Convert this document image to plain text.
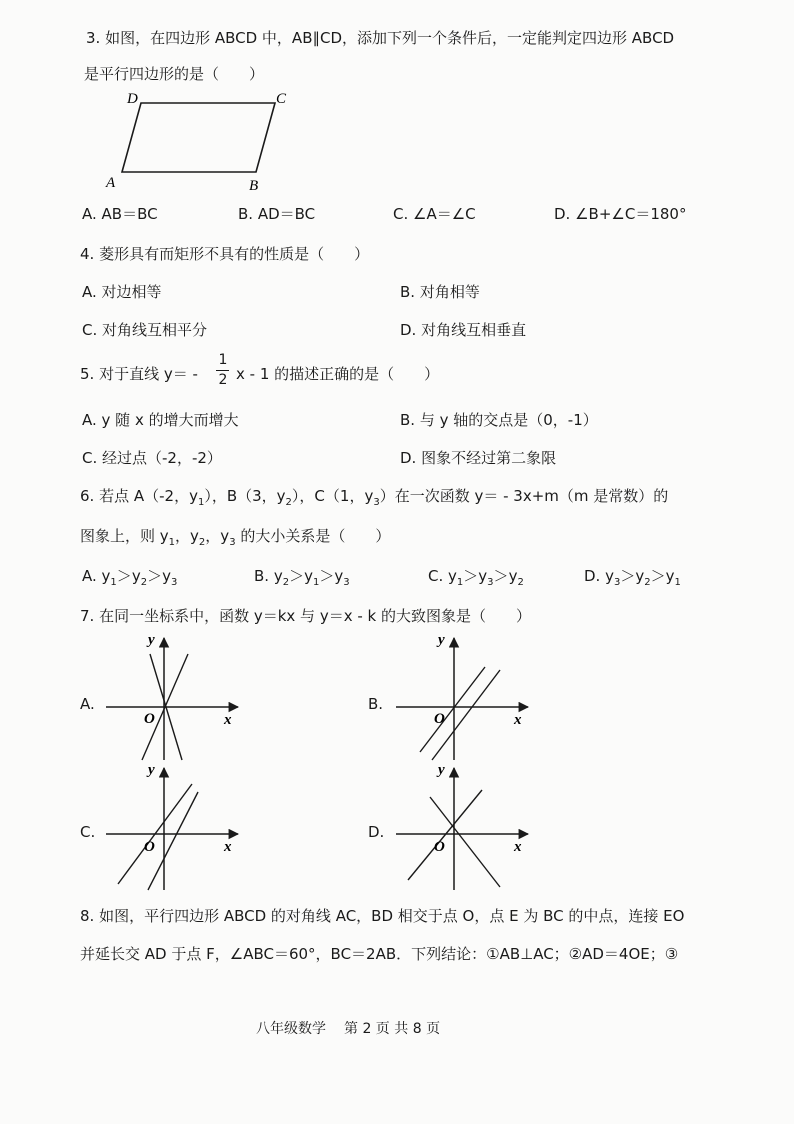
3. 如图，在四边形 ABCD 中，AB∥CD，添加下列一个条件后，一定能判定四边形 ABCD
是平行四边形的是（　　）
D	C
A	B
A. AB＝BC	B. AD＝BC	C. ∠A＝∠C	D. ∠B+∠C＝180°
4. 菱形具有而矩形不具有的性质是（　　）
A. 对边相等	B. 对角相等
C. 对角线互相平分	D. 对角线互相垂直
5. 对于直线 y＝ -
1
2 x - 1 的描述正确的是（　　）
A. y 随 x 的增大而增大	B. 与 y 轴的交点是（0，-1）
C. 经过点（-2，-2）	D. 图象不经过第二象限
6. 若点 A（-2，$y_1$），B（3，$y_2$），C（1，$y_3$）在一次函数 y＝ - 3x+m（m 是常数）的
图象上，则 $y_1$，$y_2$，$y_3$ 的大小关系是（　　）
A. $y_1>y_2>y_3$	B. $y_2>y_1>y_3$	C. $y_1>y_3>y_2$	D. $y_3>y_2>y_1$
7. 在同一坐标系中，函数 y＝kx 与 y＝x - k 的大致图象是（　　）
A.
y
x
O
B.
y
x
O
C.
y
x
O
D.
y
x
O
8. 如图，平行四边形 ABCD 的对角线 AC，BD 相交于点 O，点 E 为 BC 的中点，连接 EO
并延长交 AD 于点 F，∠ABC＝60°，BC＝2AB．下列结论：①AB⊥AC；②AD＝4OE；③
八年级数学 第 2 页 共 8 页
